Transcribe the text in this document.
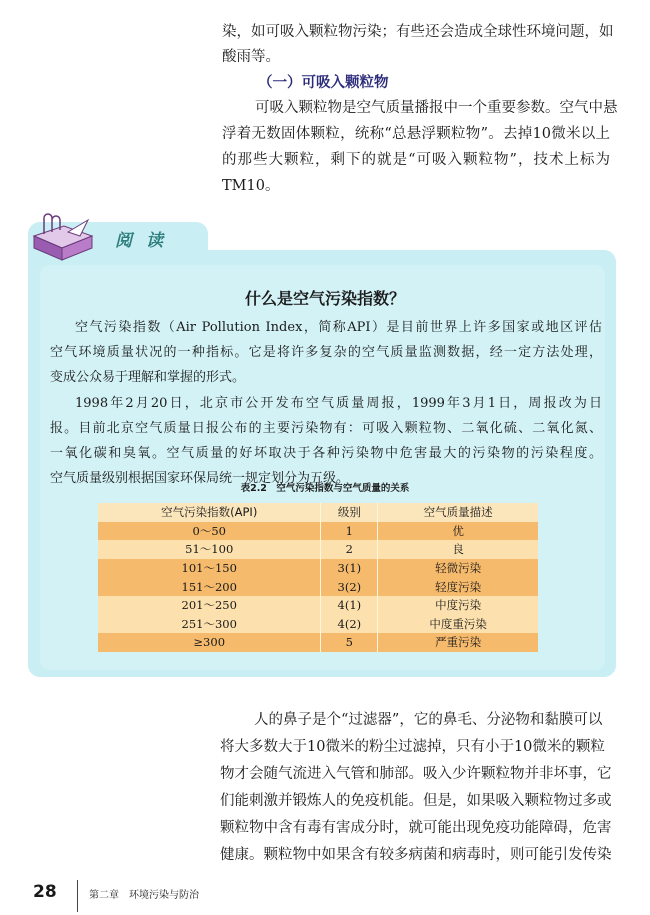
染，如可吸入颗粒物污染；有些还会造成全球性环境问题，如
酸雨等。
（一）可吸入颗粒物
可吸入颗粒物是空气质量播报中一个重要参数。空气中悬
浮着无数固体颗粒，统称“总悬浮颗粒物”。去掉10微米以上
的那些大颗粒，剩下的就是“可吸入颗粒物”，技术上标为
TM10。
阅读
什么是空气污染指数？
空气污染指数（Air Pollution Index，简称API）是目前世界上许多国家或地区评估
空气环境质量状况的一种指标。它是将许多复杂的空气质量监测数据，经一定方法处理，
变成公众易于理解和掌握的形式。
1998年2月20日，北京市公开发布空气质量周报，1999年3月1日，周报改为日
报。目前北京空气质量日报公布的主要污染物有：可吸入颗粒物、二氧化硫、二氧化氮、
一氧化碳和臭氧。空气质量的好坏取决于各种污染物中危害最大的污染物的污染程度。
空气质量级别根据国家环保局统一规定划分为五级。
表2.2　空气污染指数与空气质量的关系
空气污染指数(API)	级别	空气质量描述
0～50	1	优
51～100	2	良
101～150	3(1)	轻微污染
151～200	3(2)	轻度污染
201～250	4(1)	中度污染
251～300	4(2)	中度重污染
≥300	5	严重污染
人的鼻子是个“过滤器”，它的鼻毛、分泌物和黏膜可以
将大多数大于10微米的粉尘过滤掉，只有小于10微米的颗粒
物才会随气流进入气管和肺部。吸入少许颗粒物并非坏事，它
们能刺激并锻炼人的免疫机能。但是，如果吸入颗粒物过多或
颗粒物中含有毒有害成分时，就可能出现免疫功能障碍，危害
健康。颗粒物中如果含有较多病菌和病毒时，则可能引发传染
28	第二章　环境污染与防治
